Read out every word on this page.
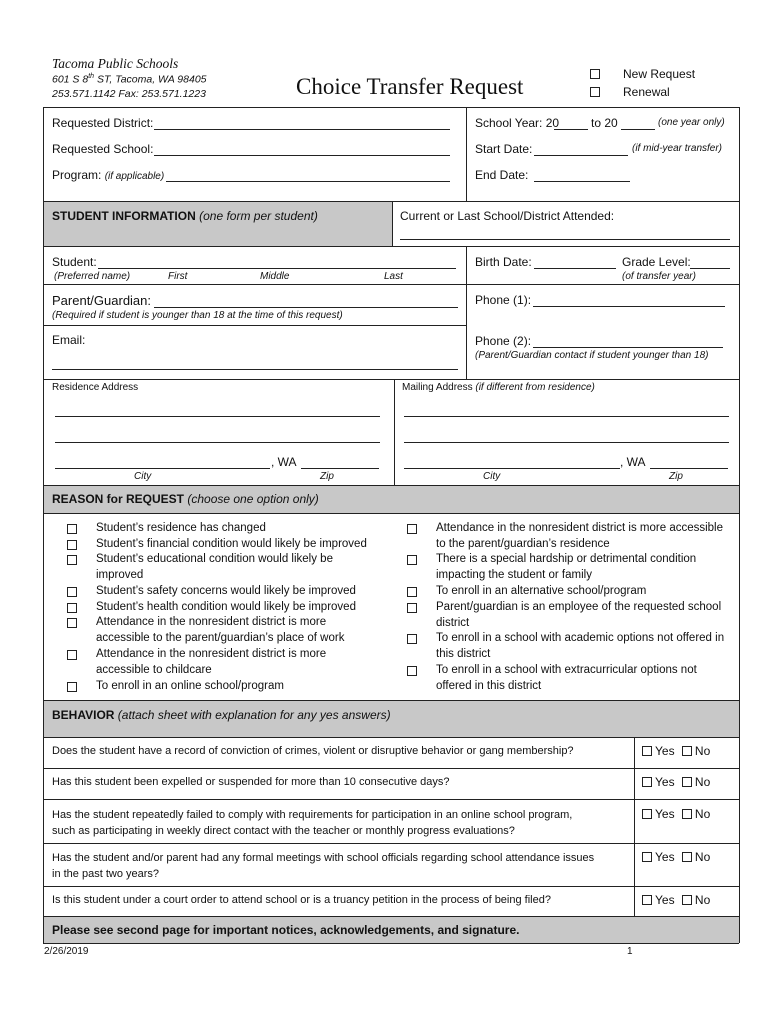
Tacoma Public Schools
601 S 8th ST, Tacoma, WA 98405
253.571.1142 Fax: 253.571.1223	Choice Transfer Request	New Request
Renewal
Requested District:
Requested School:
Program: (if applicable)
School Year: 20	to 20	(one year only)
Start Date:	(if mid-year transfer)
End Date:
STUDENT INFORMATION (one form per student)	Current or Last School/District Attended:
Student:
(Preferred name)	First	Middle	Last
Birth Date:	Grade Level:
(of transfer year)
Parent/Guardian:
(Required if student is younger than 18 at the time of this request)
Phone (1):
Email:	Phone (2):
(Parent/Guardian contact if student younger than 18)
Residence Address
, WA
City	Zip
Mailing Address (if different from residence)
, WA
City	Zip
REASON for REQUEST (choose one option only)
Student’s residence has changed
Student’s financial condition would likely be improved
Student’s educational condition would likely be
improved
Student’s safety concerns would likely be improved
Student’s health condition would likely be improved
Attendance in the nonresident district is more
accessible to the parent/guardian’s place of work
Attendance in the nonresident district is more
accessible to childcare
To enroll in an online school/program
Attendance in the nonresident district is more accessible
to the parent/guardian’s residence
There is a special hardship or detrimental condition
impacting the student or family
To enroll in an alternative school/program
Parent/guardian is an employee of the requested school
district
To enroll in a school with academic options not offered in
this district
To enroll in a school with extracurricular options not
offered in this district
BEHAVIOR (attach sheet with explanation for any yes answers)
Does the student have a record of conviction of crimes, violent or disruptive behavior or gang membership?	Yes No
Has this student been expelled or suspended for more than 10 consecutive days?	Yes No
Has the student repeatedly failed to comply with requirements for participation in an online school program,
such as participating in weekly direct contact with the teacher or monthly progress evaluations?
Yes No
Has the student and/or parent had any formal meetings with school officials regarding school attendance issues
in the past two years?
Yes No
Is this student under a court order to attend school or is a truancy petition in the process of being filed?	Yes No
Please see second page for important notices, acknowledgements, and signature.
2/26/2019	1
